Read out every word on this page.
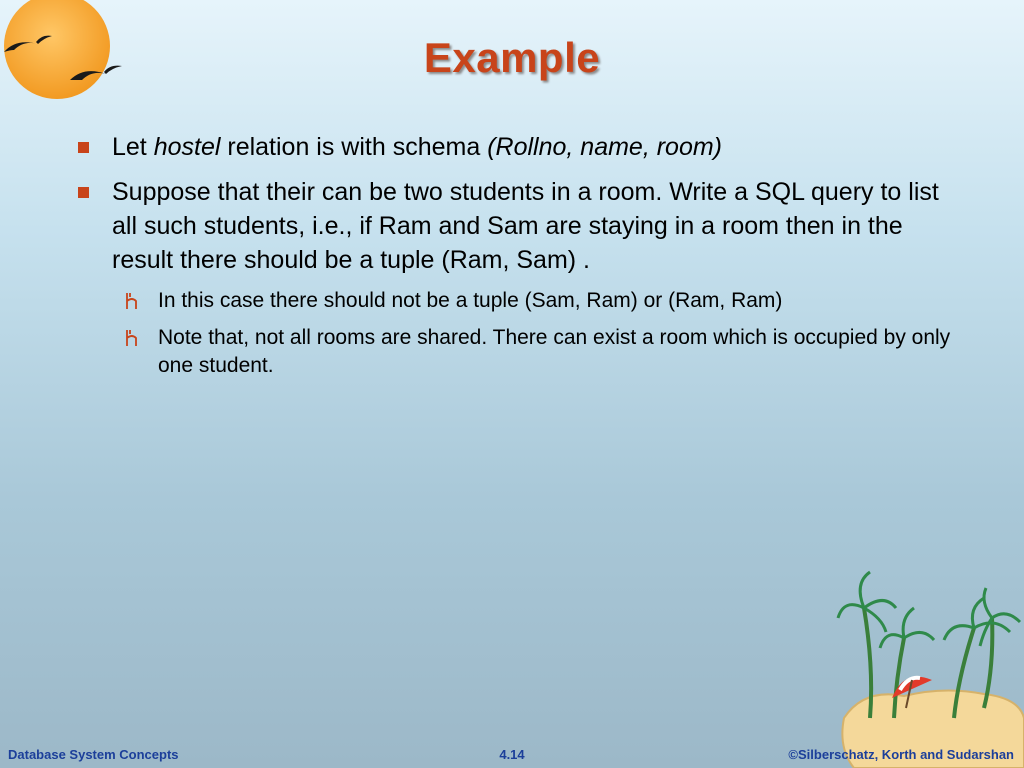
Example
Let hostel relation is with schema (Rollno, name, room)
Suppose that their can be two students in a room. Write a SQL query to list all such students, i.e., if Ram and Sam are staying in a room then in the result there should be a tuple (Ram, Sam) .
In this case there should not be a tuple (Sam, Ram) or (Ram, Ram)
Note that, not all rooms are shared. There can exist a room which is occupied by only one student.
Database System Concepts	4.14	©Silberschatz, Korth and Sudarshan
